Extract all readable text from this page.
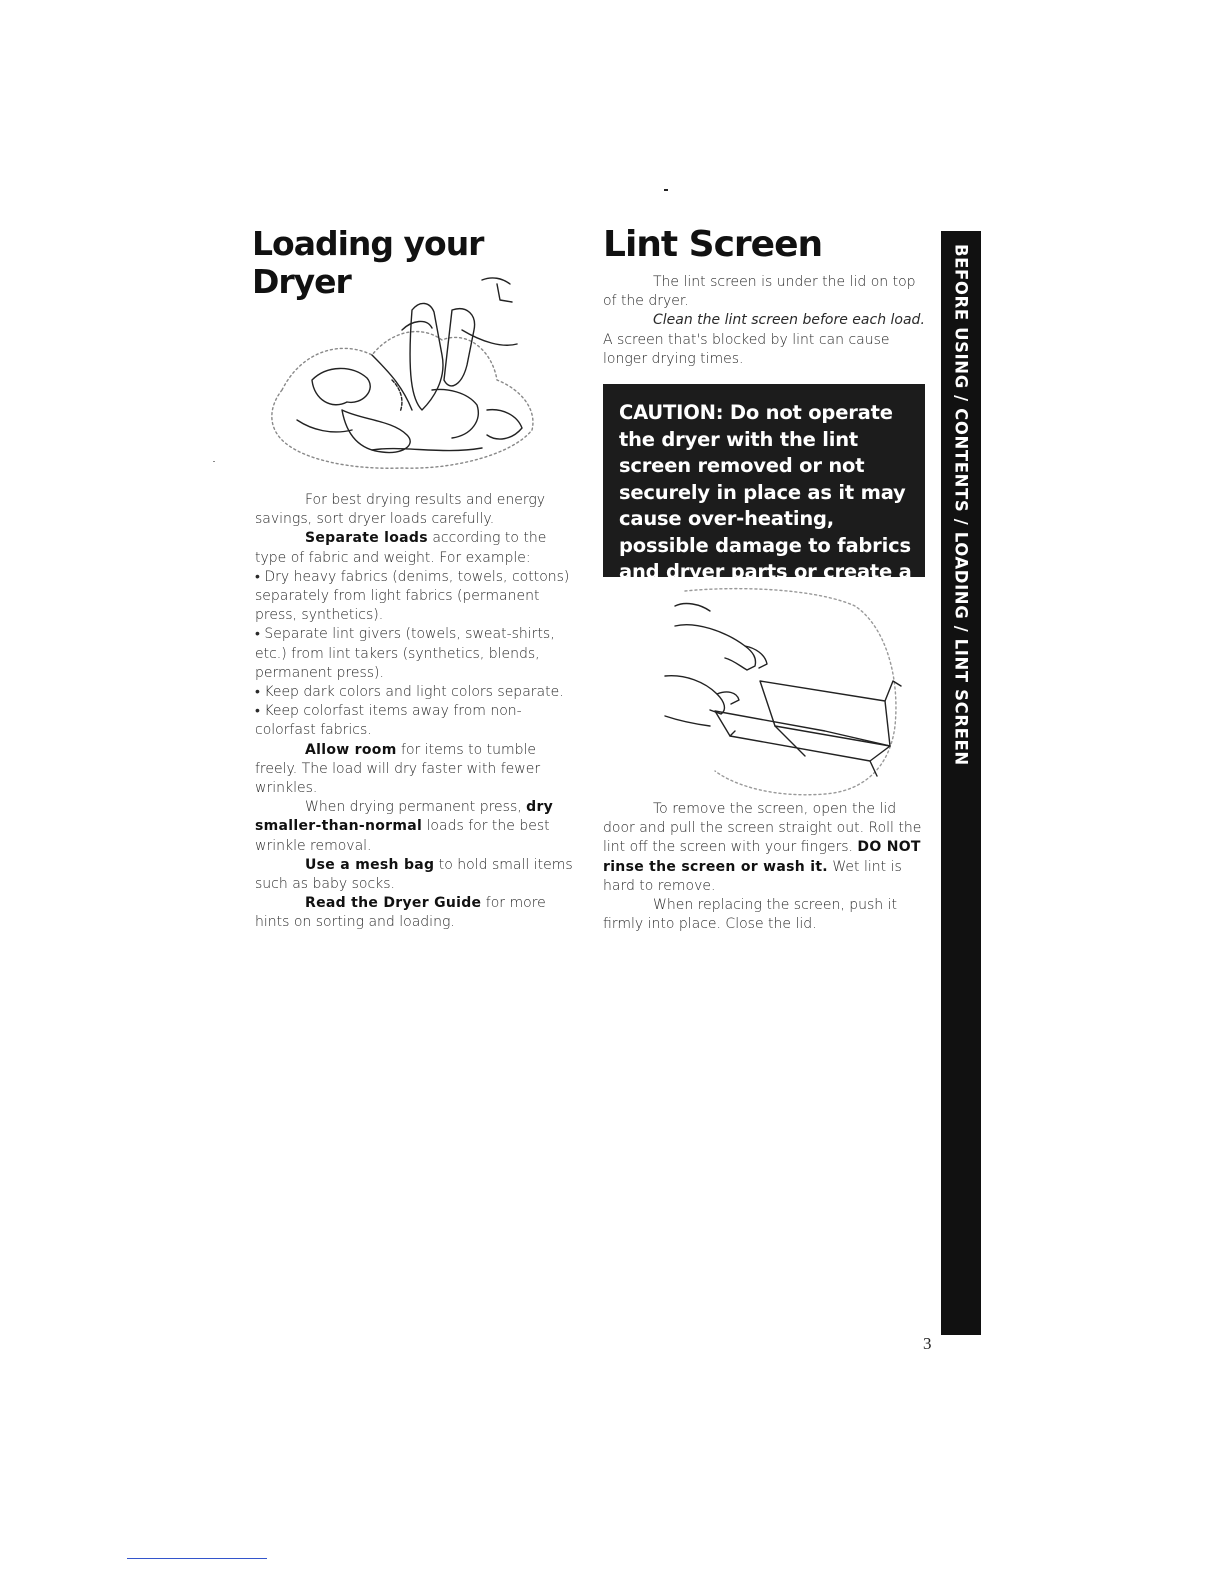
Loading your
Dryer

For best drying results and energy savings, sort dryer loads carefully.

Separate loads according to the type of fabric and weight. For example:

• Dry heavy fabrics (denims, towels, cottons) separately from light fabrics (permanent press, synthetics).

• Separate lint givers (towels, sweat-shirts, etc.) from lint takers (synthetics, blends, permanent press).

• Keep dark colors and light colors separate.

• Keep colorfast items away from non-colorfast fabrics.

Allow room for items to tumble freely. The load will dry faster with fewer wrinkles.

When drying permanent press, dry smaller-than-normal loads for the best wrinkle removal.

Use a mesh bag to hold small items such as baby socks.

Read the Dryer Guide for more hints on sorting and loading.

Lint Screen

The lint screen is under the lid on top of the dryer.

Clean the lint screen before each load. A screen that's blocked by lint can cause longer drying times.

CAUTION: Do not operate the dryer with the lint screen removed or not securely in place as it may cause over-heating, possible damage to fabrics and dryer parts or create a fire hazard.

To remove the screen, open the lid door and pull the screen straight out. Roll the lint off the screen with your fingers. DO NOT rinse the screen or wash it. Wet lint is hard to remove.

When replacing the screen, push it firmly into place. Close the lid.

BEFORE USING / CONTENTS / LOADING / LINT SCREEN
3
